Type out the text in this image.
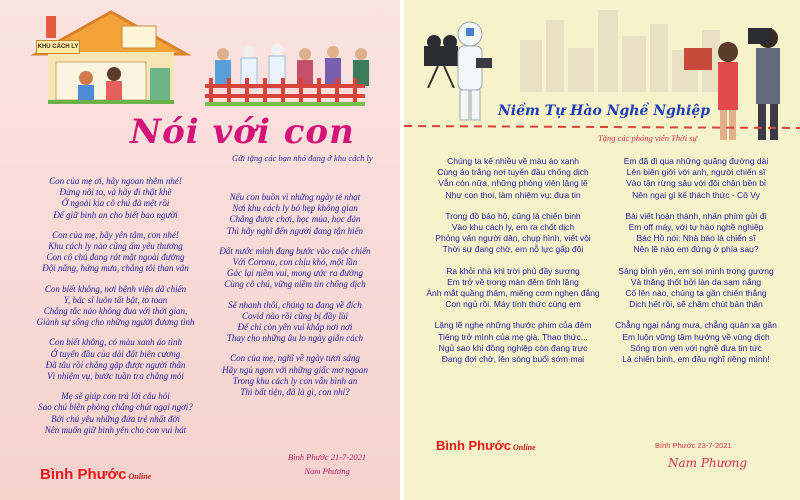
KHU CÁCH LY
Nói với con
Gửi tặng các bạn nhỏ đang ở khu cách ly
Con của mẹ ơi, hãy ngoan thêm nhé!
Đừng nôi to, và hãy đi thật khẽ
Ở ngoài kia cô chú đã mệt rồi
Để giữ bình an cho biết bao người
Con của mẹ, hãy yên tâm, con nhé!
Khu cách ly nào cũng ấm yêu thương
Con cô chú đang rát mặt ngoài đường
Đội nắng, hứng mưa, chẳng tôi than vãn
Con biết không, nơi bệnh viện dã chiến
Y, bác sĩ luôn tất bật, to toan
Chẳng tắc nào không đua với thời gian,
Giành sự sống cho những người đương tình
Con biết không, có màu xanh áo tình
Ở tuyến đầu của dải đất biên cương
Đã tâu rồi chẳng gặp được người thân
Vì nhiệm vụ, bước tuần tra chẳng mỏi
Mẹ sẽ giúp con trả lời câu hỏi
Sao chú biên phòng chẳng chút ngại ngơi?
Bởi chú yêu những đứa trẻ nhất đời
Nên muốn giữ bình yên cho con vui hát
Nếu con buồn vì những ngày tẻ nhạt
Nơi khu cách ly bó hẹp không gian
Chẳng được chơi, học múa, học đàn
Thì hãy nghĩ đến người đang tận hiến
Đất nước mình đang bước vào cuộc chiến
Với Corona, con chịu khó, một lần
Gác lại niềm vui, mong ước ra đường
Cùng cô chú, vững niềm tin chống dịch
Sẽ nhanh thôi, chúng ta đang về đích
Covid nào rồi cũng bị đầy lùi
Để chỉ còn yên vui khắp nơi nơi
Thay cho những âu lo ngày giãn cách
Con của mẹ, nghĩ về ngày tươi sáng
Hãy ngủ ngon với những giấc mơ ngoan
Trong khu cách ly con vẫn bình an
Thì bất tiện, đã là gì, con nhỉ?
Bình Phước 21-7-2021
Nam Phương
Bình Phước Online
Niềm Tự Hào Nghề Nghiệp
Tặng các phóng viên Thời sự
Chúng ta kế nhiều về màu áo xanh
Cùng áo trắng nơi tuyến đầu chống dịch
Vẫn còn nữa, những phóng viên lặng lẽ
Như con thoi, làm nhiệm vụ: đưa tin
Trong đồ bảo hộ, cũng là chiến binh
Vào khu cách ly, em ra chốt dịch
Phỏng vấn người dân, chụp hình, viết vội
Thời sự đang chờ, em nỗ lực gấp đôi
Ra khỏi nhà khi trời phủ đầy sương
Em trở về trong màn đêm tĩnh lặng
Ánh mắt quầng thâm, miếng cơm nghẹn đắng
Con ngủ rồi. Máy tính thức cùng em
Lặng lẽ nghe những thước phim của đêm
Tiếng trở mình của mẹ già. Thao thức...
Ngủ sao khi đồng nghiệp còn đang trực
Đang đợi chờ, lên sóng buổi sớm mai
Em đã đi qua những quãng đường dài
Lên biên giới với anh, người chiến sĩ
Vào tận rừng sâu với đôi chân bền bỉ
Nên ngại gì kế thách thức - Cô Vy
Bài viết hoàn thành, nhấn phím gửi đi
Em off máy, với tự hào nghề nghiệp
Bác Hồ nói: Nhà báo là chiến sĩ
Nên lẽ nào em đứng ở phía sau?
Sáng bình yên, em soi mình trong gương
Và thăng thốt bởi làn da sạm nắng
Cố lên nào, chúng ta gần chiến thắng
Dịch hết rồi, sẽ chăm chút bản thân
Chẳng ngại nắng mưa, chẳng quản xa gần
Em luôn vững tâm hướng về vùng dịch
Sống trọn vẹn với nghề đưa tin tức
Là chiến binh, em đâu nghĩ riêng mình!
Bình Phước Online	Bình Phước 23-7-2021
Nam Phương
